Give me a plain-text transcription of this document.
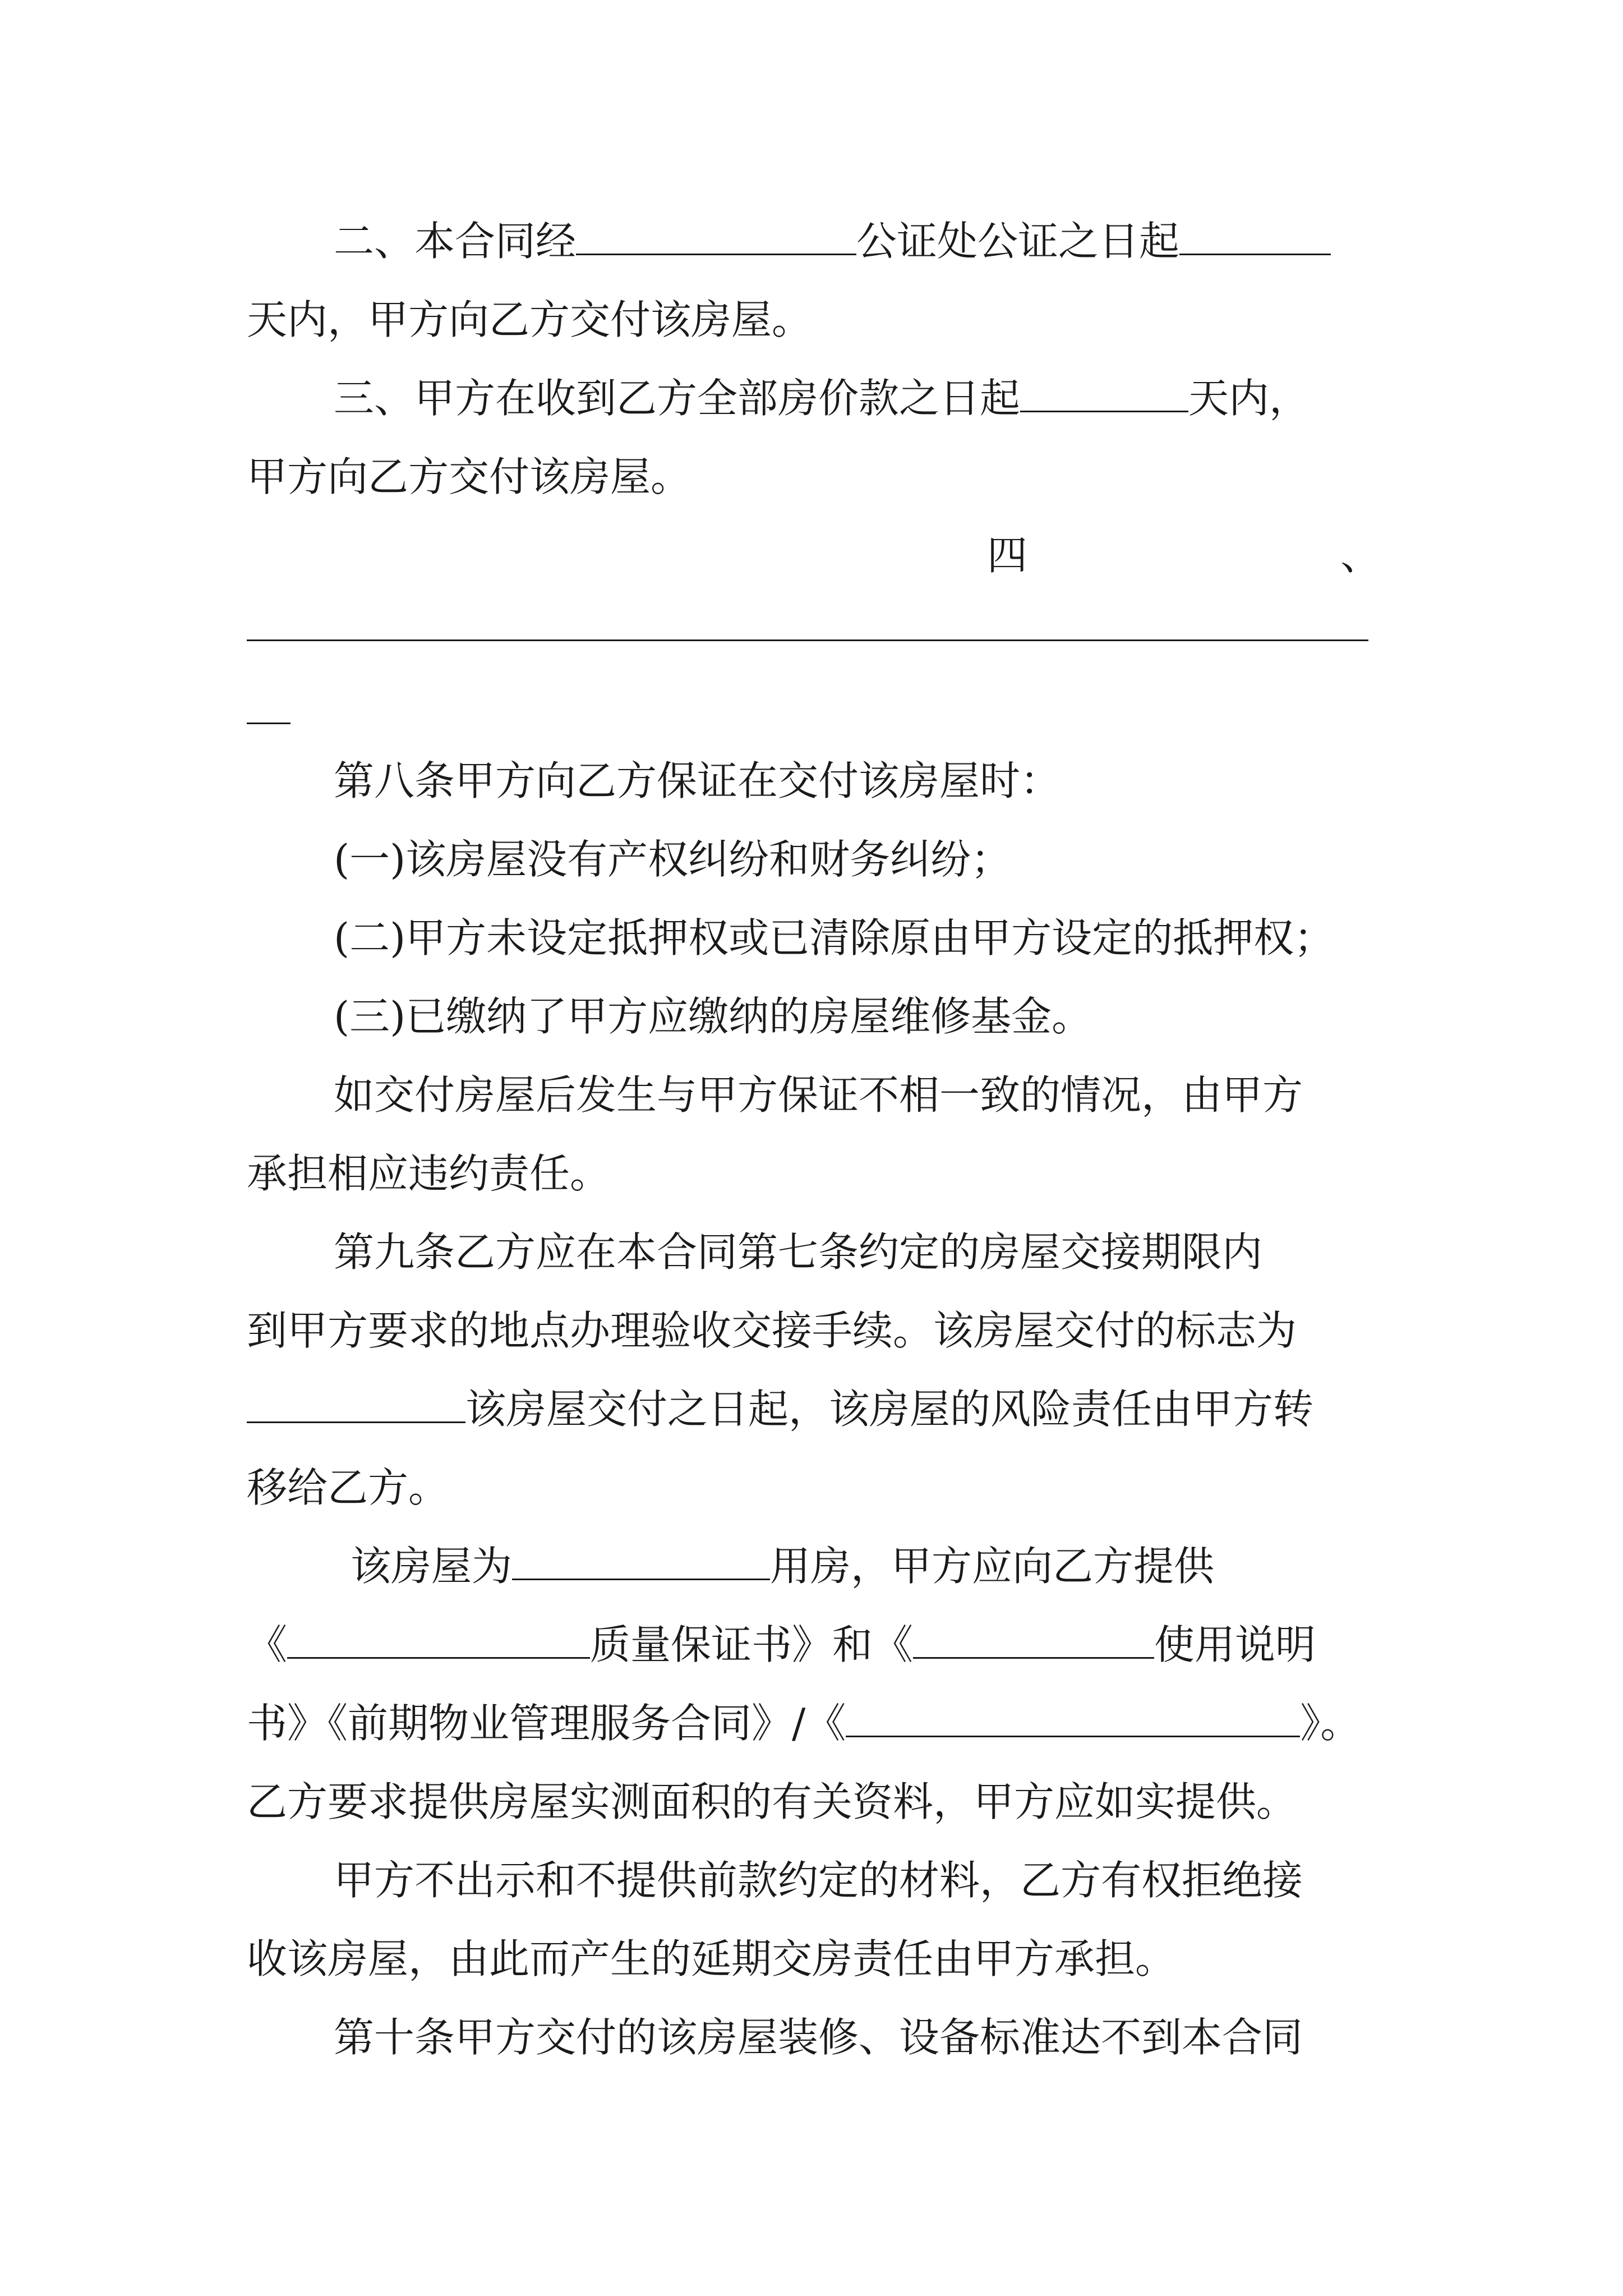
二、本合同经	公证处公证之日起
天内，甲方向乙方交付该房屋。
三、甲方在收到乙方全部房价款之日起	天内，
甲方向乙方交付该房屋。
四	、
第八条甲方向乙方保证在交付该房屋时：
(一)该房屋没有产权纠纷和财务纠纷；
(二)甲方未设定抵押权或已清除原由甲方设定的抵押权；
(三)已缴纳了甲方应缴纳的房屋维修基金。
如交付房屋后发生与甲方保证不相一致的情况，由甲方
承担相应违约责任。
第九条乙方应在本合同第七条约定的房屋交接期限内
到甲方要求的地点办理验收交接手续。该房屋交付的标志为
该房屋交付之日起，该房屋的风险责任由甲方转
移给乙方。
该房屋为	用房，甲方应向乙方提供
《	质量保证书》和《	使用说明
书》《前期物业管理服务合同》/《	》。
乙方要求提供房屋实测面积的有关资料，甲方应如实提供。
甲方不出示和不提供前款约定的材料，乙方有权拒绝接
收该房屋，由此而产生的延期交房责任由甲方承担。
第十条甲方交付的该房屋装修、设备标准达不到本合同
